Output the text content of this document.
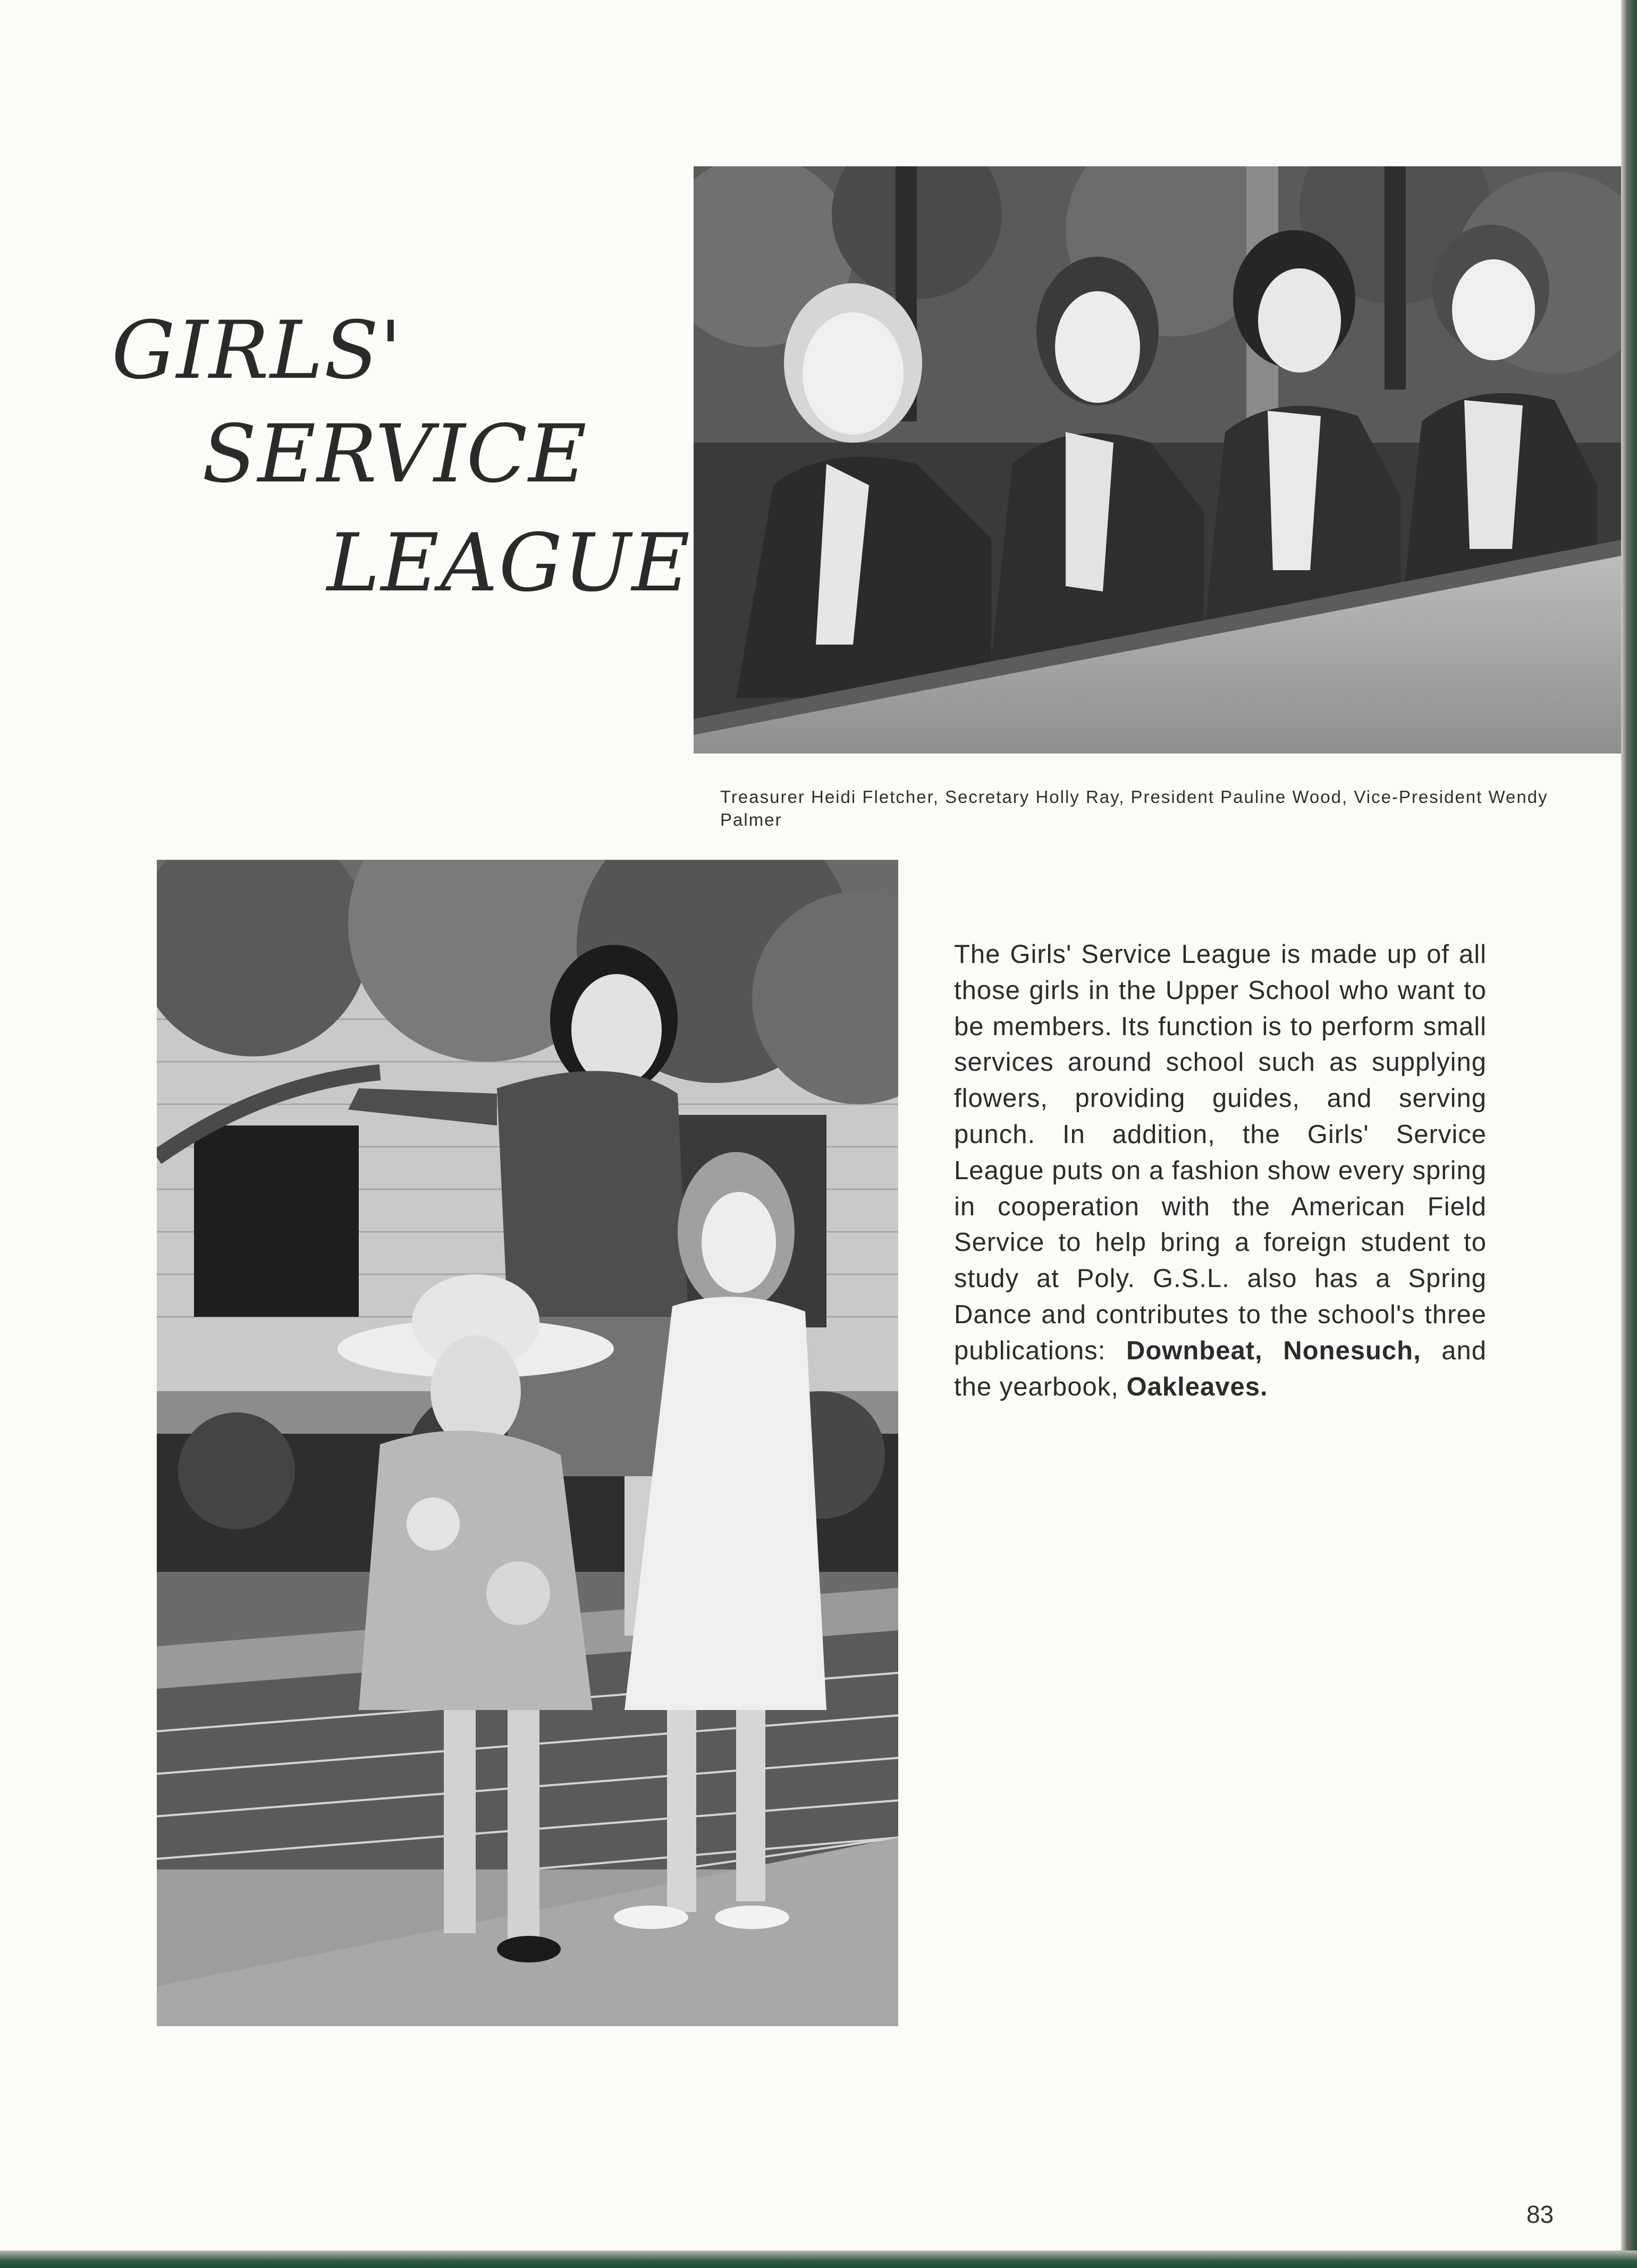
GIRLS'
SERVICE
LEAGUE

Treasurer Heidi Fletcher, Secretary Holly Ray, President Pauline Wood, Vice-President Wendy Palmer

The Girls' Service League is made up of all those girls in the Upper School who want to be members. Its function is to perform small services around school such as supplying flowers, providing guides, and serving punch. In addition, the Girls' Service League puts on a fashion show every spring in cooperation with the American Field Service to help bring a foreign student to study at Poly. G.S.L. also has a Spring Dance and contributes to the school's three publications: Downbeat, Nonesuch, and the yearbook, Oakleaves.

83
